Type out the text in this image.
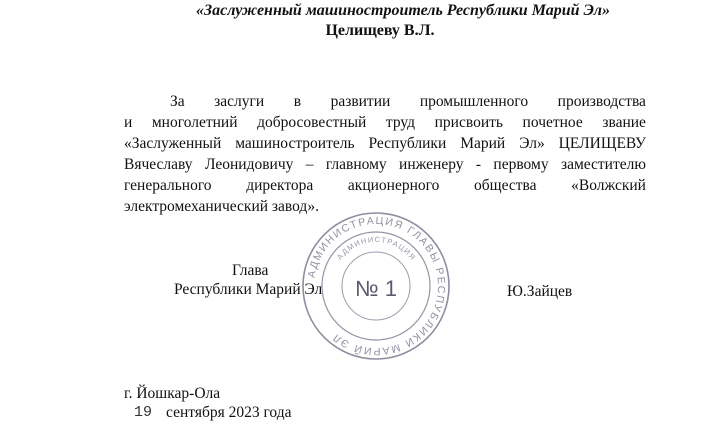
«Заслуженный машиностроитель Республики Марий Эл»
Целищеву В.Л.
За заслуги в развитии промышленного производства
и многолетний добросовестный труд присвоить почетное звание
«Заслуженный машиностроитель Республики Марий Эл» ЦЕЛИЩЕВУ
Вячеславу Леонидовичу – главному инженеру - первому заместителю
генерального директора акционерного общества «Волжский
электромеханический завод».
АДМИНИСТРАЦИЯ ГЛАВЫ РЕСПУБЛИКИ МАРИЙ ЭЛ
АДМИНИСТРАЦИЯ
№ 1
Глава
Республики Марий Эл	Ю.Зайцев
г. Йошкар-Ола
19 сентября 2023 года
